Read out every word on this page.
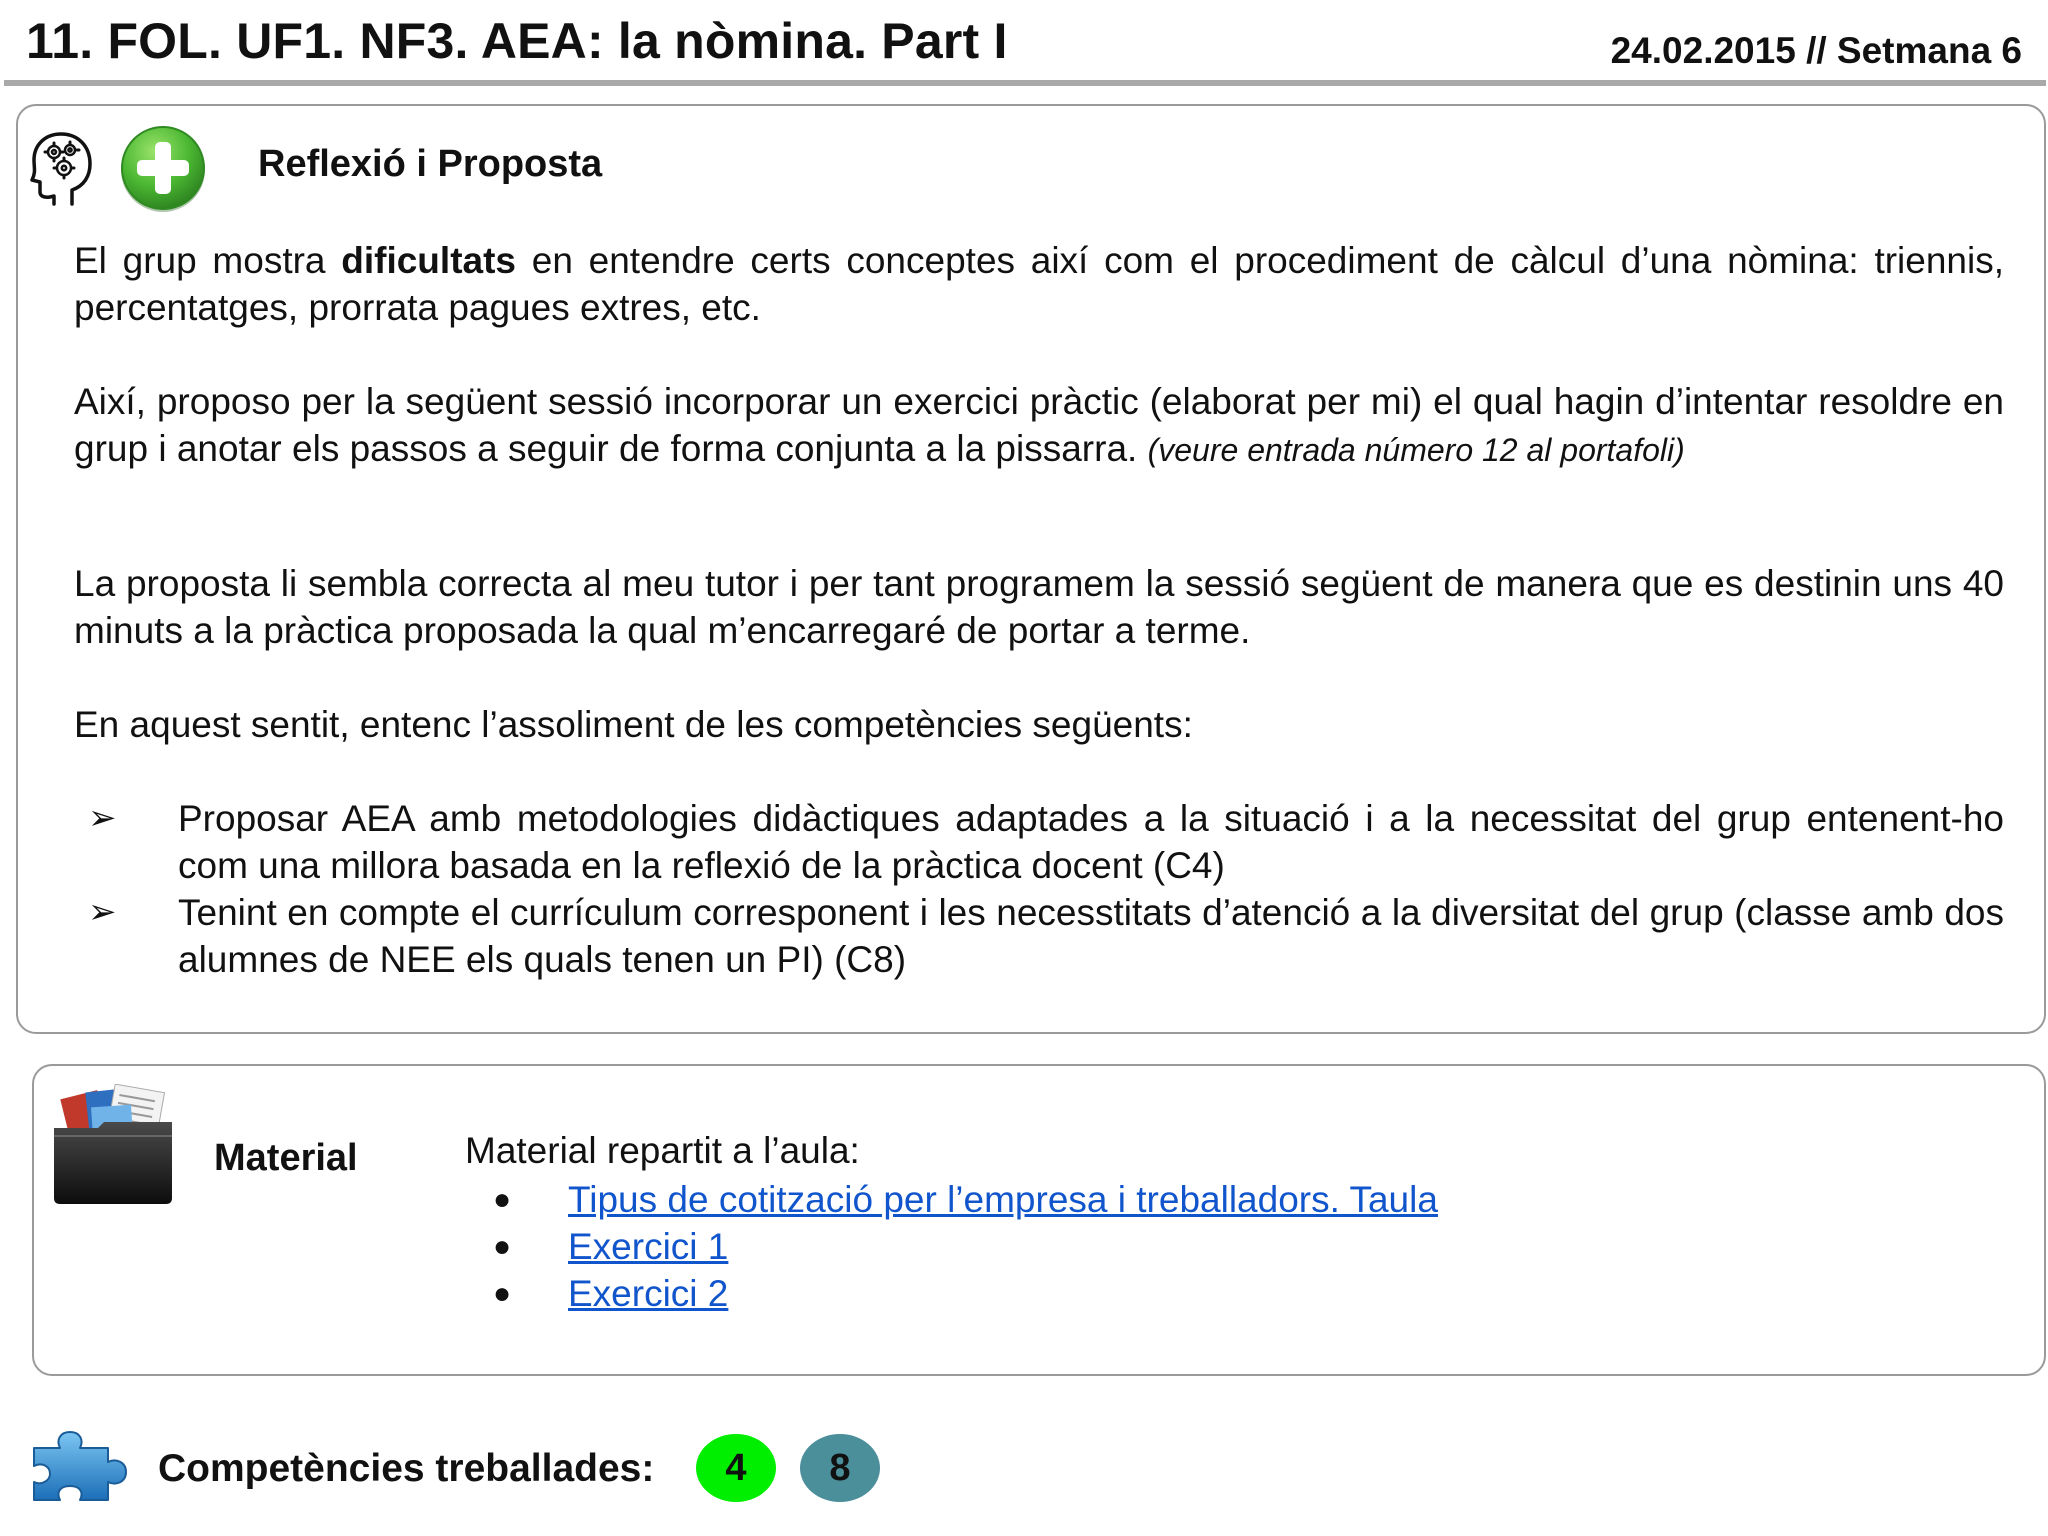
11. FOL. UF1. NF3. AEA: la nòmina. Part I	24.02.2015 // Setmana 6
Reflexió i Proposta

El grup mostra dificultats en entendre certs conceptes així com el procediment de càlcul d’una nòmina: triennis, percentatges, prorrata pagues extres, etc.

Així, proposo per la següent sessió incorporar un exercici pràctic (elaborat per mi) el qual hagin d’intentar resoldre en grup i anotar els passos a seguir de forma conjunta a la pissarra. (veure entrada número 12 al portafoli)

La proposta li sembla correcta al meu tutor i per tant programem la sessió següent de manera que es destinin uns 40 minuts a la pràctica proposada la qual m’encarregaré de portar a terme.

En aquest sentit, entenc l’assoliment de les competències següents:

➢ Proposar AEA amb metodologies didàctiques adaptades a la situació i a la necessitat del grup entenent-ho com una millora basada en la reflexió de la pràctica docent (C4)
➢ Tenint en compte el currículum corresponent i les necesstitats d’atenció a la diversitat del grup (classe amb dos alumnes de NEE els quals tenen un PI) (C8)
Material	Material repartit a l’aula:
● Tipus de cotització per l’empresa i treballadors. Taula
● Exercici 1
● Exercici 2
Competències treballades:	4	8
